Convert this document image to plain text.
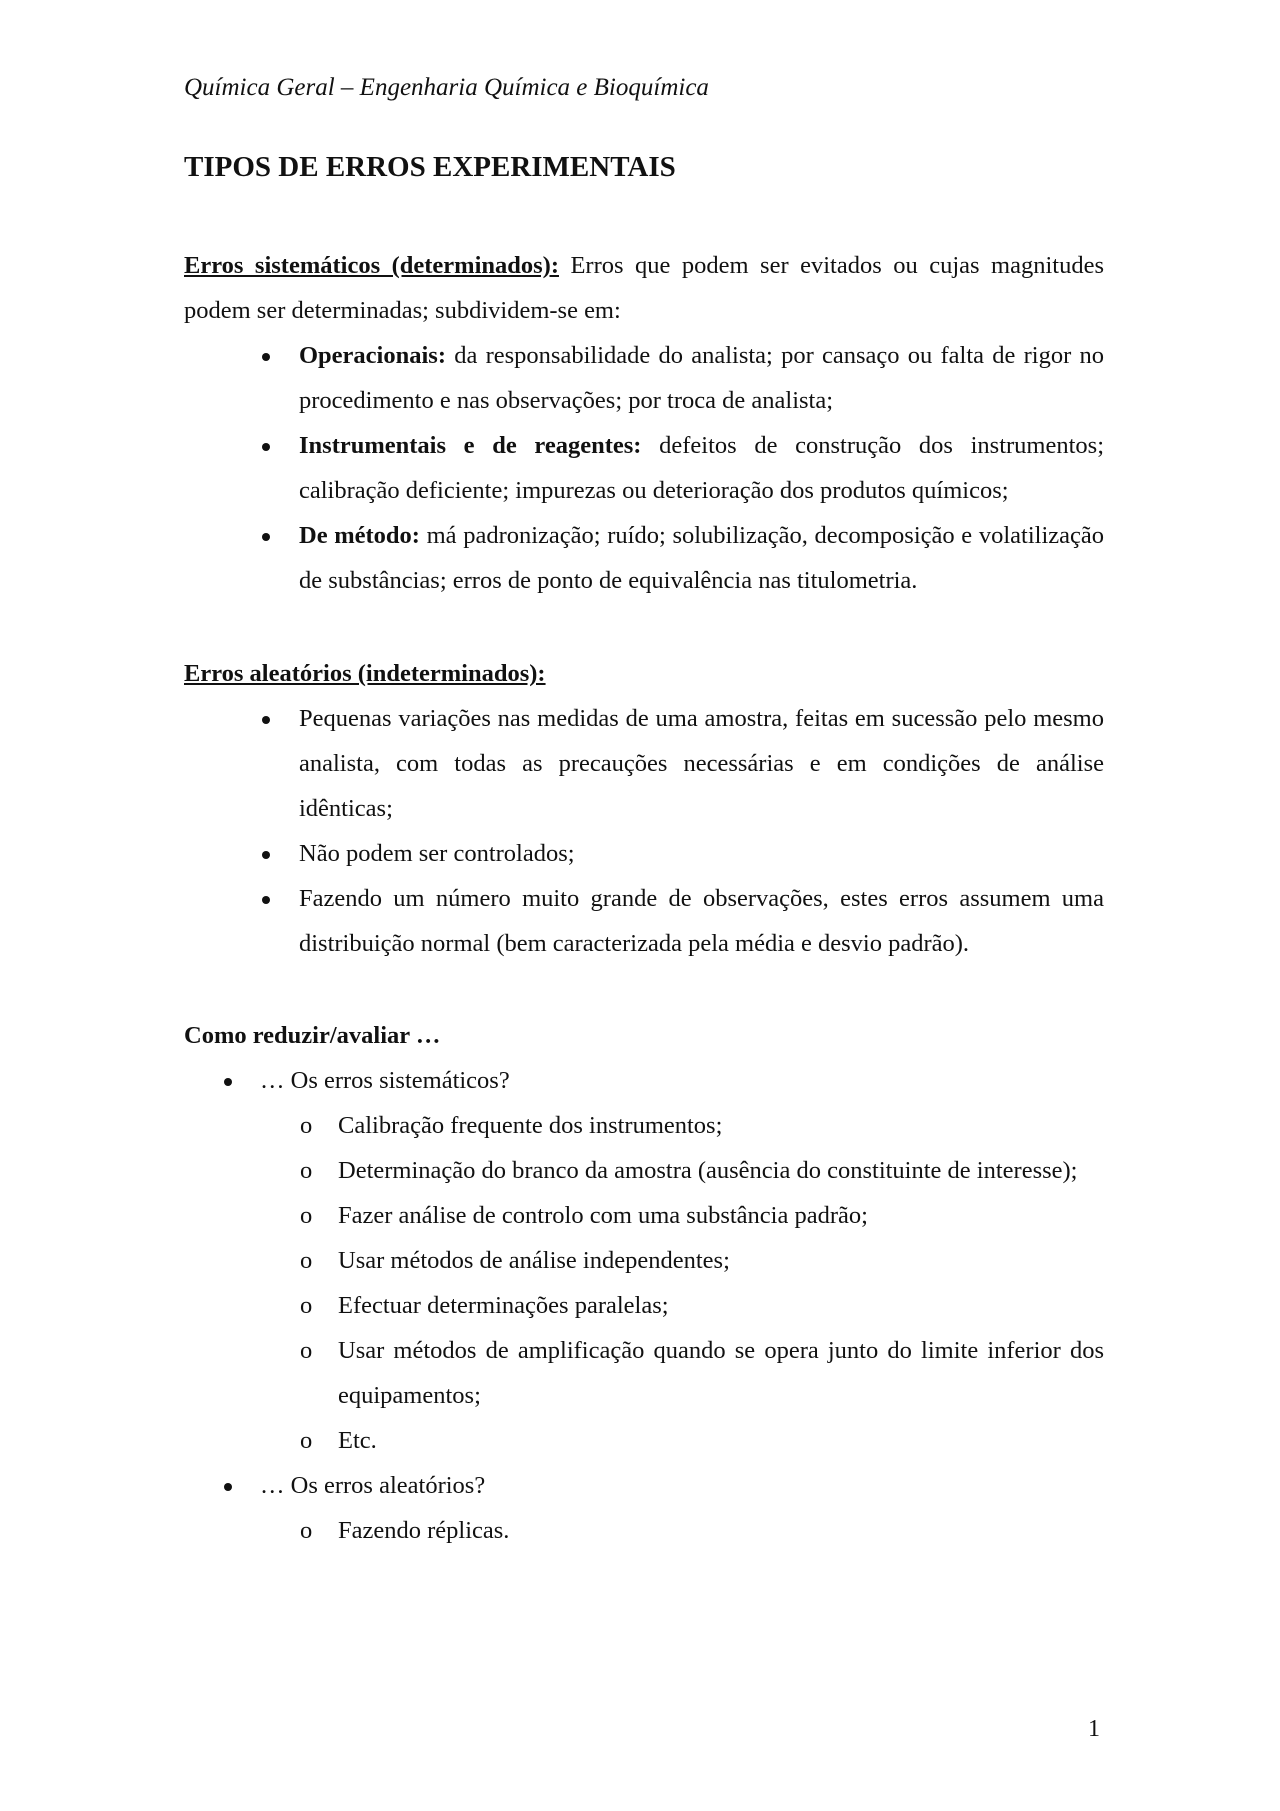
Química Geral – Engenharia Química e Bioquímica
TIPOS DE ERROS EXPERIMENTAIS
Erros sistemáticos (determinados): Erros que podem ser evitados ou cujas magnitudes podem ser determinadas; subdividem-se em:
Operacionais: da responsabilidade do analista; por cansaço ou falta de rigor no procedimento e nas observações; por troca de analista;
Instrumentais e de reagentes: defeitos de construção dos instrumentos; calibração deficiente; impurezas ou deterioração dos produtos químicos;
De método: má padronização; ruído; solubilização, decomposição e volatilização de substâncias; erros de ponto de equivalência nas titulometria.
Erros aleatórios (indeterminados):
Pequenas variações nas medidas de uma amostra, feitas em sucessão pelo mesmo analista, com todas as precauções necessárias e em condições de análise idênticas;
Não podem ser controlados;
Fazendo um número muito grande de observações, estes erros assumem uma distribuição normal (bem caracterizada pela média e desvio padrão).
Como reduzir/avaliar …
… Os erros sistemáticos?
o Calibração frequente dos instrumentos;
o Determinação do branco da amostra (ausência do constituinte de interesse);
o Fazer análise de controlo com uma substância padrão;
o Usar métodos de análise independentes;
o Efectuar determinações paralelas;
o Usar métodos de amplificação quando se opera junto do limite inferior dos equipamentos;
o Etc.
… Os erros aleatórios?
o Fazendo réplicas.
1
